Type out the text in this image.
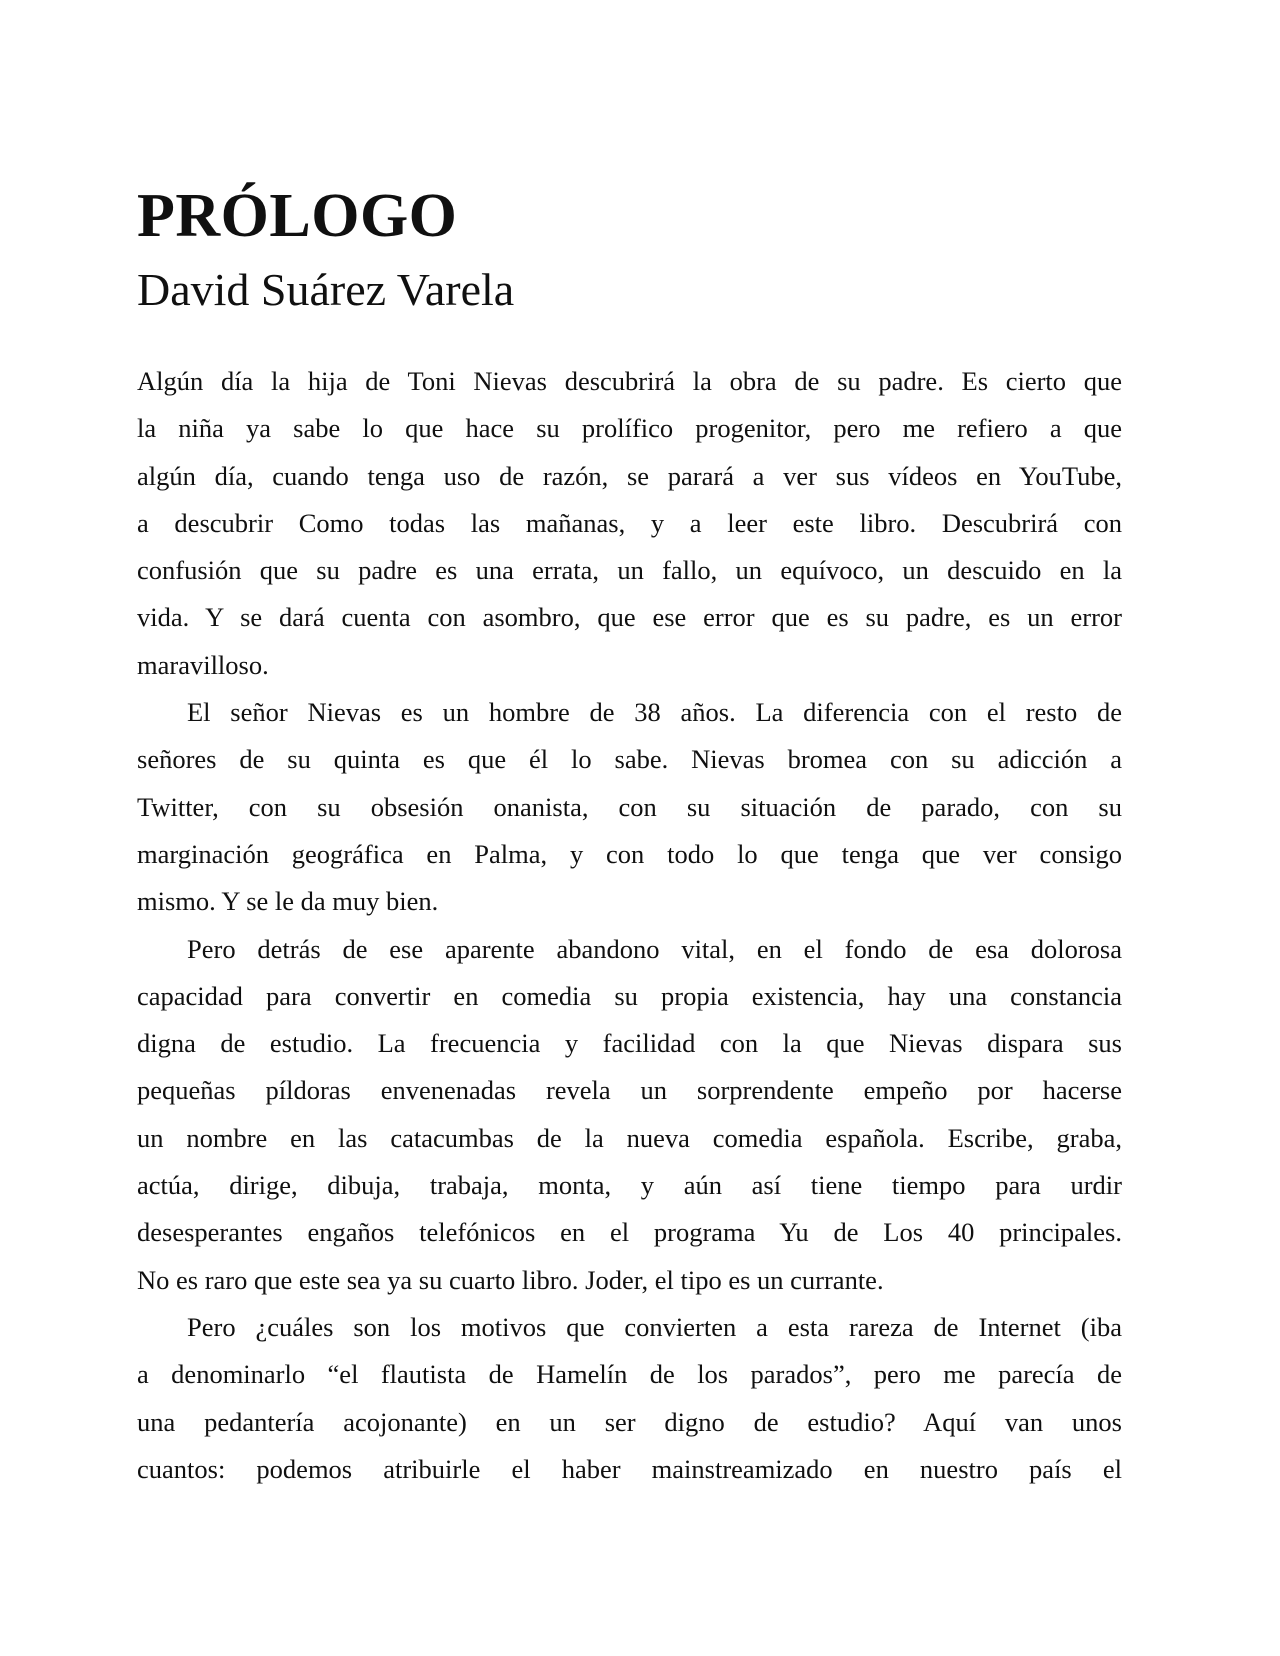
PRÓLOGO
David Suárez Varela
Algún día la hija de Toni Nievas descubrirá la obra de su padre. Es cierto que
la niña ya sabe lo que hace su prolífico progenitor, pero me refiero a que
algún día, cuando tenga uso de razón, se parará a ver sus vídeos en YouTube,
a descubrir Como todas las mañanas, y a leer este libro. Descubrirá con
confusión que su padre es una errata, un fallo, un equívoco, un descuido en la
vida. Y se dará cuenta con asombro, que ese error que es su padre, es un error
maravilloso.
El señor Nievas es un hombre de 38 años. La diferencia con el resto de
señores de su quinta es que él lo sabe. Nievas bromea con su adicción a
Twitter, con su obsesión onanista, con su situación de parado, con su
marginación geográfica en Palma, y con todo lo que tenga que ver consigo
mismo. Y se le da muy bien.
Pero detrás de ese aparente abandono vital, en el fondo de esa dolorosa
capacidad para convertir en comedia su propia existencia, hay una constancia
digna de estudio. La frecuencia y facilidad con la que Nievas dispara sus
pequeñas píldoras envenenadas revela un sorprendente empeño por hacerse
un nombre en las catacumbas de la nueva comedia española. Escribe, graba,
actúa, dirige, dibuja, trabaja, monta, y aún así tiene tiempo para urdir
desesperantes engaños telefónicos en el programa Yu de Los 40 principales.
No es raro que este sea ya su cuarto libro. Joder, el tipo es un currante.
Pero ¿cuáles son los motivos que convierten a esta rareza de Internet (iba
a denominarlo “el flautista de Hamelín de los parados”, pero me parecía de
una pedantería acojonante) en un ser digno de estudio? Aquí van unos
cuantos: podemos atribuirle el haber mainstreamizado en nuestro país el
